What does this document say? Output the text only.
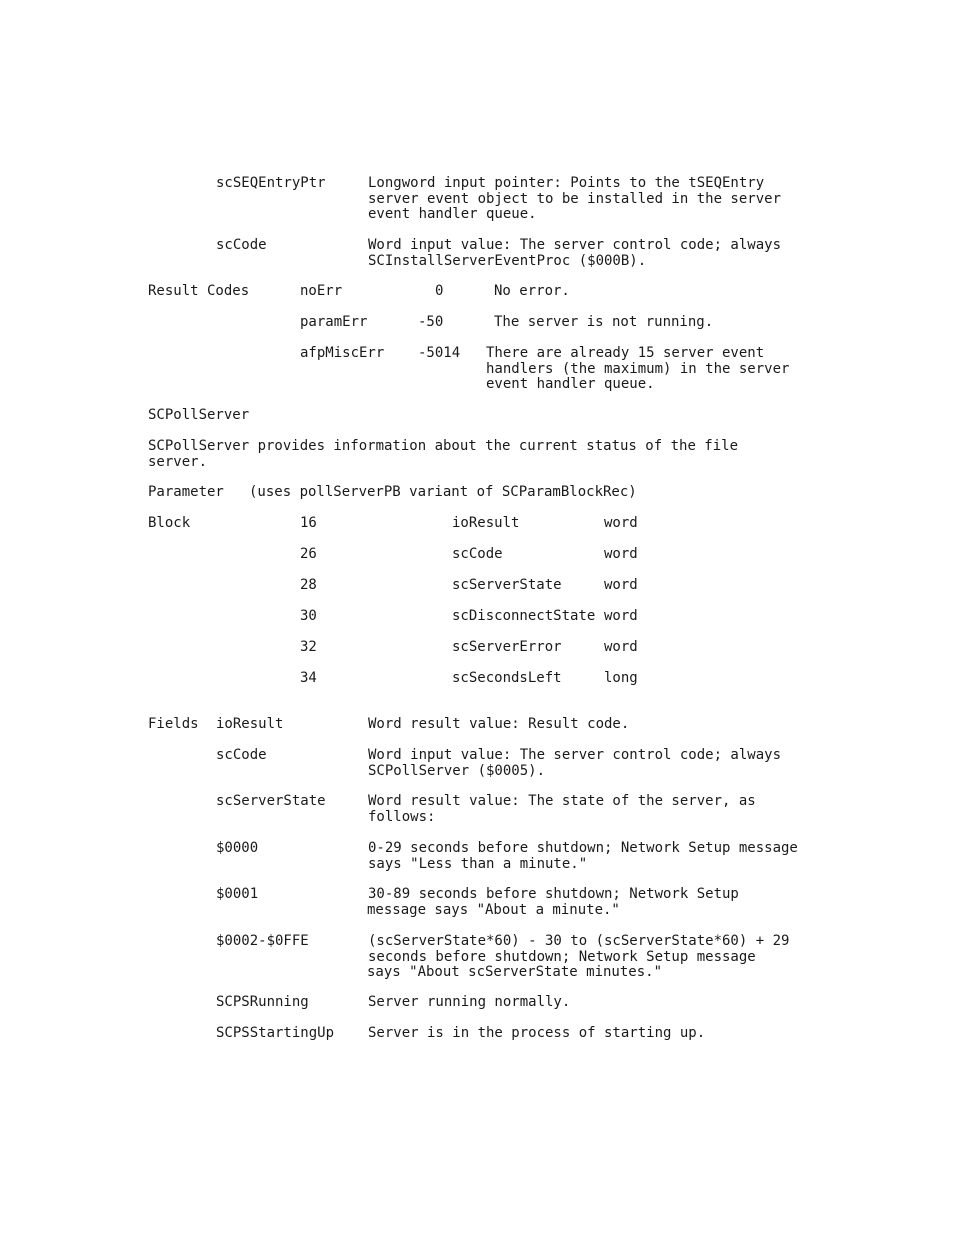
scSEQEntryPtr	Longword input pointer: Points to the tSEQEntry
server event object to be installed in the server
event handler queue.
scCode	Word input value: The server control code; always
SCInstallServerEventProc ($000B).
Result Codes	noErr	0	No error.
paramErr	-50	The server is not running.
afpMiscErr -5014 There are already 15 server event
handlers (the maximum) in the server
event handler queue.
SCPollServer
SCPollServer provides information about the current status of the file
server.
Parameter (uses pollServerPB variant of SCParamBlockRec)
Block	16	ioResult	word
26	scCode	word
28	scServerState	word
30	scDisconnectState word
32	scServerError	word
34	scSecondsLeft	long
Fields ioResult	Word result value: Result code.
scCode	Word input value: The server control code; always
SCPollServer ($0005).
scServerState	Word result value: The state of the server, as
follows:
$0000	0-29 seconds before shutdown; Network Setup message
says "Less than a minute."
$0001	30-89 seconds before shutdown; Network Setup
message says "About a minute."
$0002-$0FFE	(scServerState*60) - 30 to (scServerState*60) + 29
seconds before shutdown; Network Setup message
says "About scServerState minutes."
SCPSRunning	Server running normally.
SCPSStartingUp Server is in the process of starting up.
